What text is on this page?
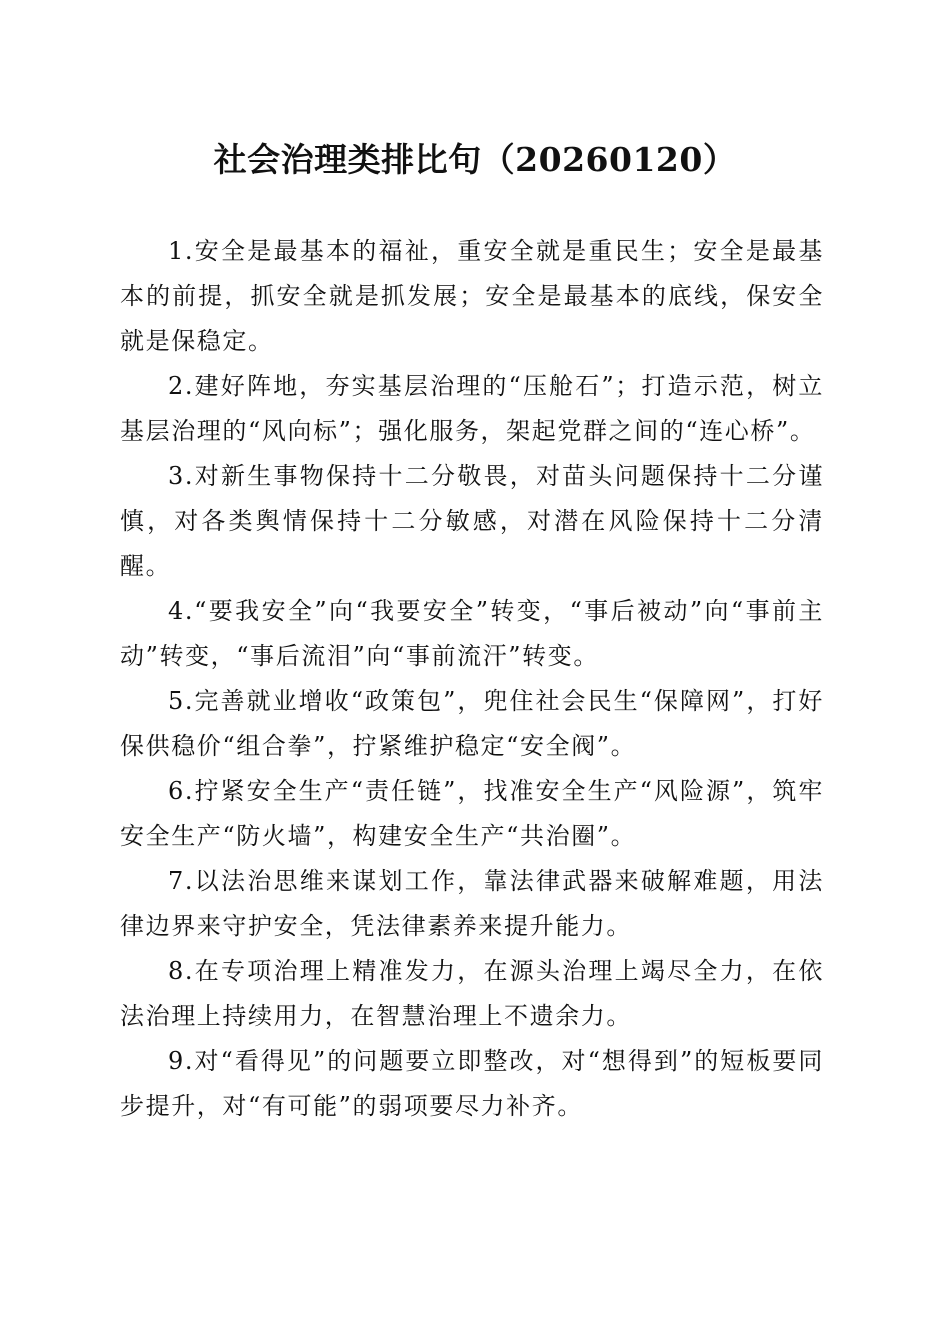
社会治理类排比句（20260120）

1.安全是最基本的福祉，重安全就是重民生；安全是最基本的前提，抓安全就是抓发展；安全是最基本的底线，保安全就是保稳定。

2.建好阵地，夯实基层治理的“压舱石”；打造示范，树立基层治理的“风向标”；强化服务，架起党群之间的“连心桥”。

3.对新生事物保持十二分敬畏，对苗头问题保持十二分谨慎，对各类舆情保持十二分敏感，对潜在风险保持十二分清醒。

4.“要我安全”向“我要安全”转变，“事后被动”向“事前主动”转变，“事后流泪”向“事前流汗”转变。

5.完善就业增收“政策包”，兜住社会民生“保障网”，打好保供稳价“组合拳”，拧紧维护稳定“安全阀”。

6.拧紧安全生产“责任链”，找准安全生产“风险源”，筑牢安全生产“防火墙”，构建安全生产“共治圈”。

7.以法治思维来谋划工作，靠法律武器来破解难题，用法律边界来守护安全，凭法律素养来提升能力。

8.在专项治理上精准发力，在源头治理上竭尽全力，在依法治理上持续用力，在智慧治理上不遗余力。

9.对“看得见”的问题要立即整改，对“想得到”的短板要同步提升，对“有可能”的弱项要尽力补齐。
